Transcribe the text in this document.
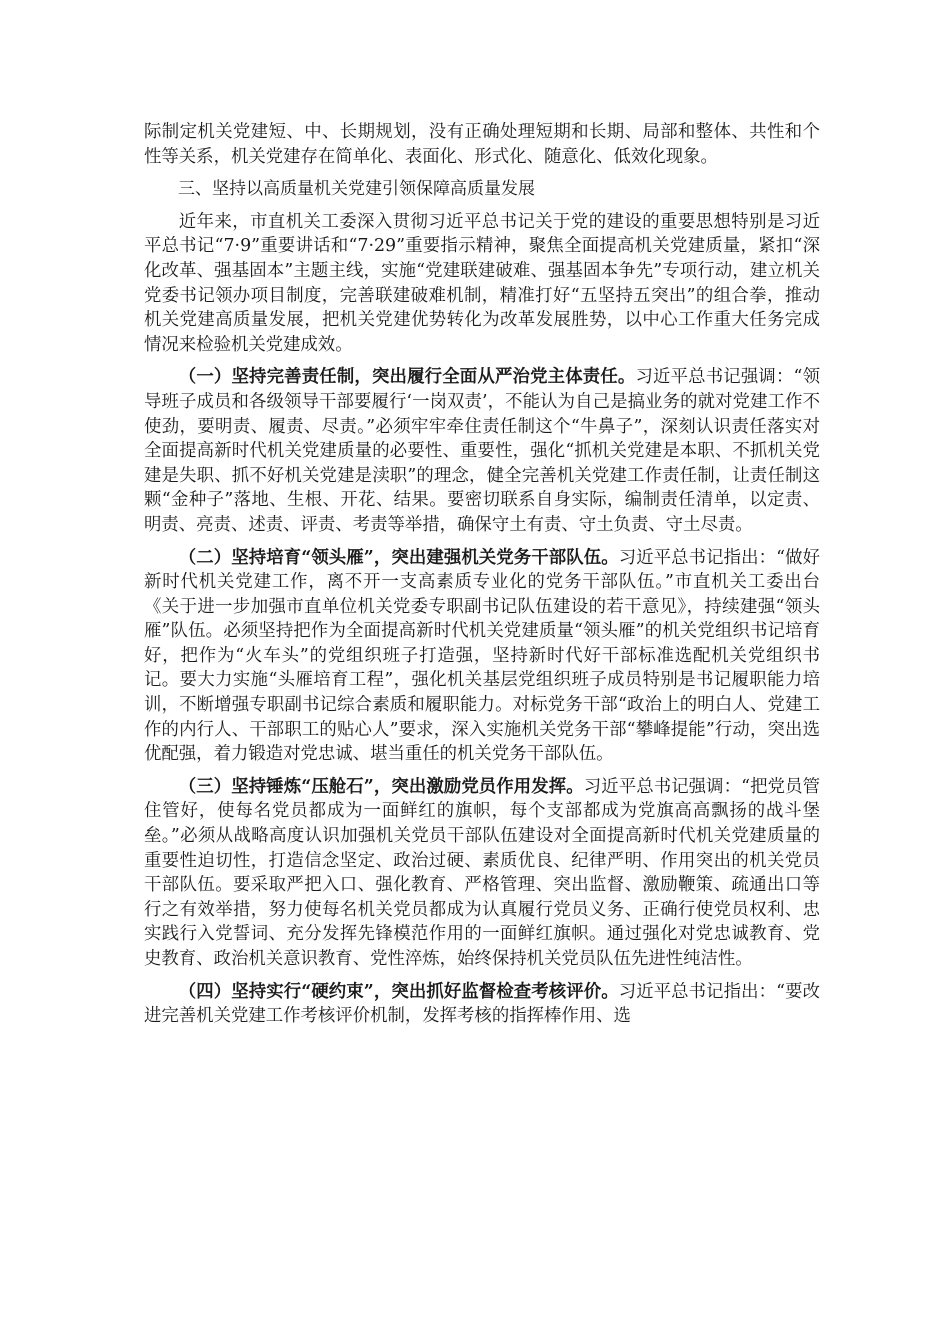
际制定机关党建短、中、长期规划，没有正确处理短期和长期、局部和整体、共性和个性等关系，机关党建存在简单化、表面化、形式化、随意化、低效化现象。

三、坚持以高质量机关党建引领保障高质量发展

近年来，市直机关工委深入贯彻习近平总书记关于党的建设的重要思想特别是习近平总书记“7·9”重要讲话和“7·29”重要指示精神，聚焦全面提高机关党建质量，紧扣“深化改革、强基固本”主题主线，实施“党建联建破难、强基固本争先”专项行动，建立机关党委书记领办项目制度，完善联建破难机制，精准打好“五坚持五突出”的组合拳，推动机关党建高质量发展，把机关党建优势转化为改革发展胜势，以中心工作重大任务完成情况来检验机关党建成效。

（一）坚持完善责任制，突出履行全面从严治党主体责任。习近平总书记强调：“领导班子成员和各级领导干部要履行‘一岗双责’，不能认为自己是搞业务的就对党建工作不使劲，要明责、履责、尽责。”必须牢牢牵住责任制这个“牛鼻子”，深刻认识责任落实对全面提高新时代机关党建质量的必要性、重要性，强化“抓机关党建是本职、不抓机关党建是失职、抓不好机关党建是渎职”的理念，健全完善机关党建工作责任制，让责任制这颗“金种子”落地、生根、开花、结果。要密切联系自身实际，编制责任清单，以定责、明责、亮责、述责、评责、考责等举措，确保守土有责、守土负责、守土尽责。

（二）坚持培育“领头雁”，突出建强机关党务干部队伍。习近平总书记指出：“做好新时代机关党建工作，离不开一支高素质专业化的党务干部队伍。”市直机关工委出台《关于进一步加强市直单位机关党委专职副书记队伍建设的若干意见》，持续建强“领头雁”队伍。必须坚持把作为全面提高新时代机关党建质量“领头雁”的机关党组织书记培育好，把作为“火车头”的党组织班子打造强，坚持新时代好干部标准选配机关党组织书记。要大力实施“头雁培育工程”，强化机关基层党组织班子成员特别是书记履职能力培训，不断增强专职副书记综合素质和履职能力。对标党务干部“政治上的明白人、党建工作的内行人、干部职工的贴心人”要求，深入实施机关党务干部“攀峰提能”行动，突出选优配强，着力锻造对党忠诚、堪当重任的机关党务干部队伍。

（三）坚持锤炼“压舱石”，突出激励党员作用发挥。习近平总书记强调：“把党员管住管好，使每名党员都成为一面鲜红的旗帜，每个支部都成为党旗高高飘扬的战斗堡垒。”必须从战略高度认识加强机关党员干部队伍建设对全面提高新时代机关党建质量的重要性迫切性，打造信念坚定、政治过硬、素质优良、纪律严明、作用突出的机关党员干部队伍。要采取严把入口、强化教育、严格管理、突出监督、激励鞭策、疏通出口等行之有效举措，努力使每名机关党员都成为认真履行党员义务、正确行使党员权利、忠实践行入党誓词、充分发挥先锋模范作用的一面鲜红旗帜。通过强化对党忠诚教育、党史教育、政治机关意识教育、党性淬炼，始终保持机关党员队伍先进性纯洁性。

（四）坚持实行“硬约束”，突出抓好监督检查考核评价。习近平总书记指出：“要改进完善机关党建工作考核评价机制，发挥考核的指挥棒作用、选
